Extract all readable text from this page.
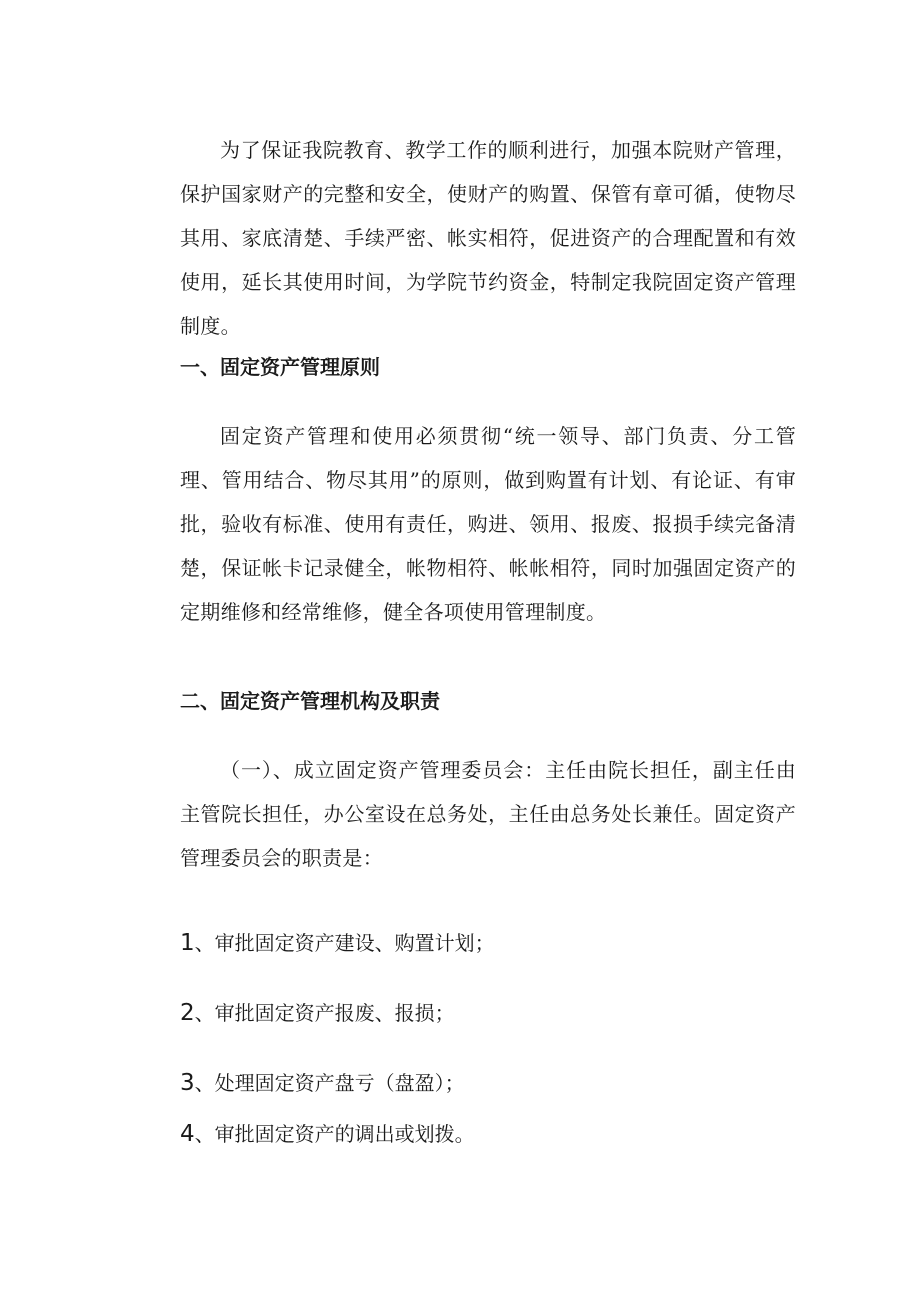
为了保证我院教育、教学工作的顺利进行，加强本院财产管理，保护国家财产的完整和安全，使财产的购置、保管有章可循，使物尽其用、家底清楚、手续严密、帐实相符，促进资产的合理配置和有效使用，延长其使用时间，为学院节约资金，特制定我院固定资产管理制度。

一、固定资产管理原则

固定资产管理和使用必须贯彻“统一领导、部门负责、分工管理、管用结合、物尽其用”的原则，做到购置有计划、有论证、有审批，验收有标准、使用有责任，购进、领用、报废、报损手续完备清楚，保证帐卡记录健全，帐物相符、帐帐相符，同时加强固定资产的定期维修和经常维修，健全各项使用管理制度。

二、固定资产管理机构及职责

（一）、成立固定资产管理委员会：主任由院长担任，副主任由主管院长担任，办公室设在总务处，主任由总务处长兼任。固定资产管理委员会的职责是：

1、审批固定资产建设、购置计划；
2、审批固定资产报废、报损；
3、处理固定资产盘亏（盘盈）；
4、审批固定资产的调出或划拨。
